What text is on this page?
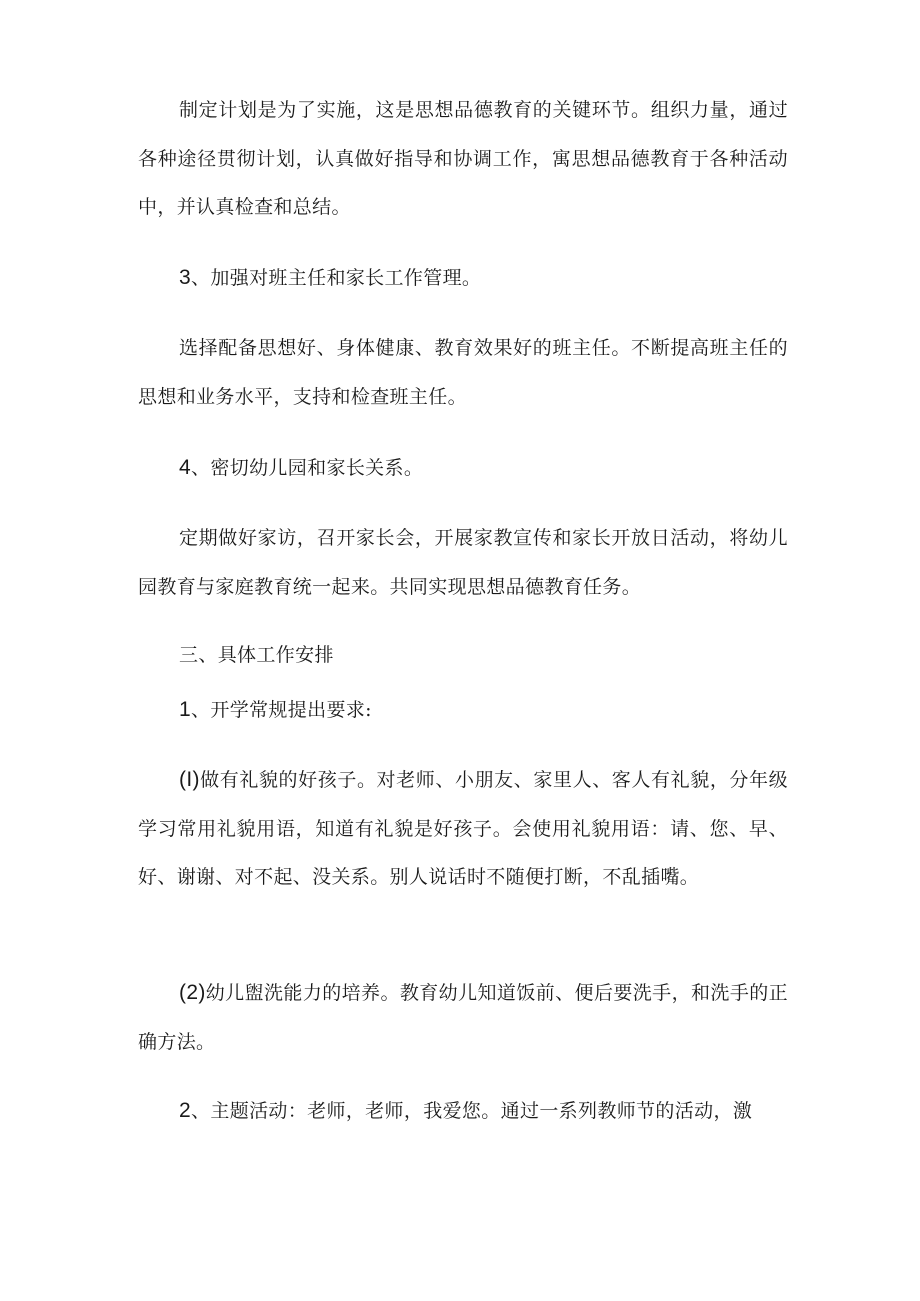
制定计划是为了实施，这是思想品德教育的关键环节。组织力量，通过各种途径贯彻计划，认真做好指导和协调工作，寓思想品德教育于各种活动中，并认真检查和总结。

3、加强对班主任和家长工作管理。

选择配备思想好、身体健康、教育效果好的班主任。不断提高班主任的思想和业务水平，支持和检查班主任。

4、密切幼儿园和家长关系。

定期做好家访，召开家长会，开展家教宣传和家长开放日活动，将幼儿园教育与家庭教育统一起来。共同实现思想品德教育任务。

三、具体工作安排

1、开学常规提出要求:

(I)做有礼貌的好孩子。对老师、小朋友、家里人、客人有礼貌，分年级学习常用礼貌用语，知道有礼貌是好孩子。会使用礼貌用语：请、您、早、好、谢谢、对不起、没关系。别人说话时不随便打断，不乱插嘴。

(2)幼儿盥洗能力的培养。教育幼儿知道饭前、便后要洗手，和洗手的正确方法。

2、主题活动：老师，老师，我爱您。通过一系列教师节的活动，激
